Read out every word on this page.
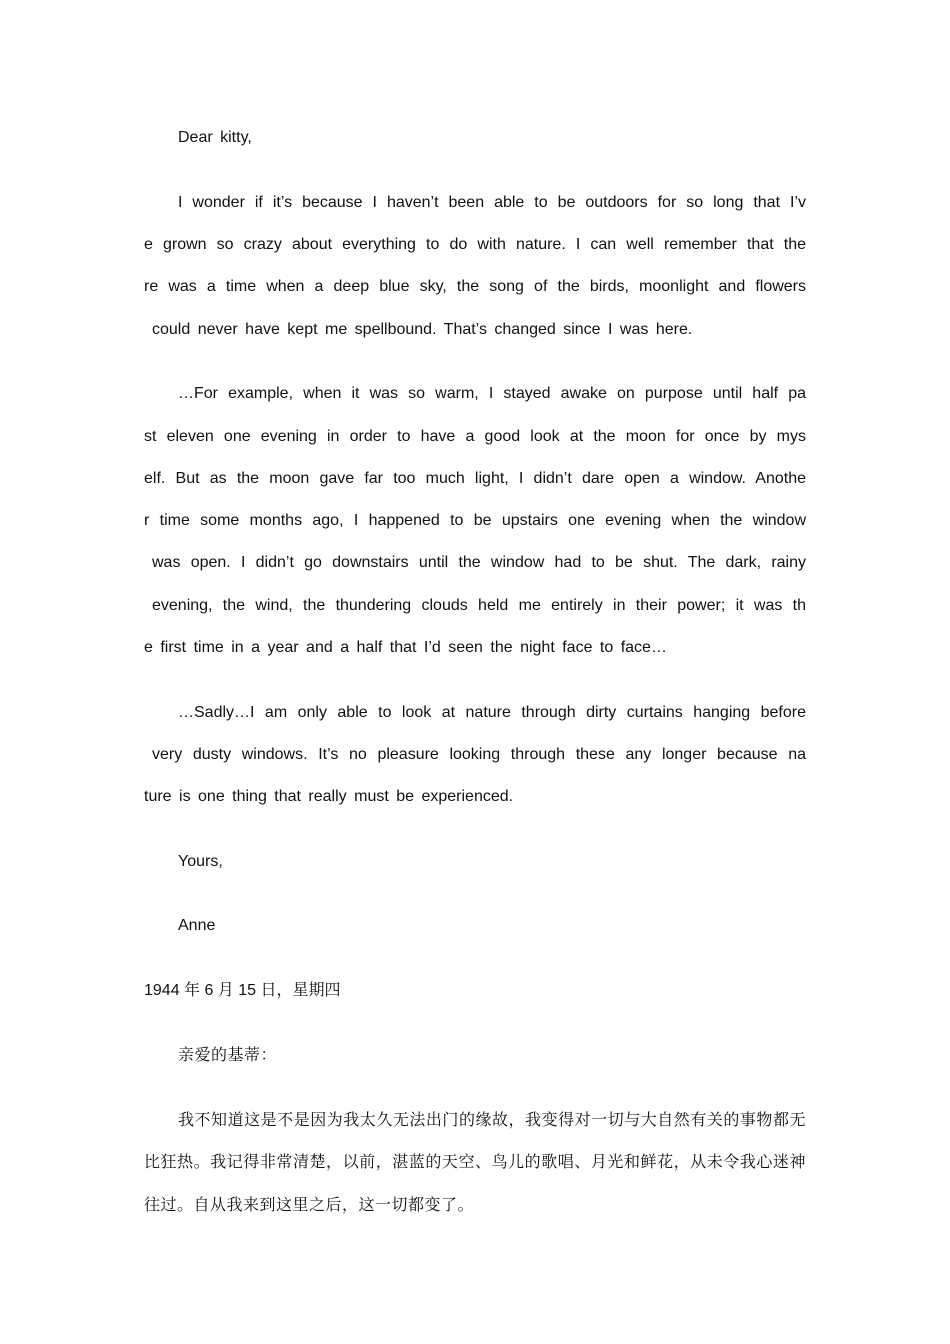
Dear kitty,
I wonder if it’s because I haven’t been able to be outdoors for so long that I’v
e grown so crazy about everything to do with nature. I can well remember that the
re was a time when a deep blue sky, the song of the birds, moonlight and flowers
could never have kept me spellbound. That’s changed since I was here.
…For example, when it was so warm, I stayed awake on purpose until half pa
st eleven one evening in order to have a good look at the moon for once by mys
elf. But as the moon gave far too much light, I didn’t dare open a window. Anothe
r time some months ago, I happened to be upstairs one evening when the window
was open. I didn’t go downstairs until the window had to be shut. The dark, rainy
evening, the wind, the thundering clouds held me entirely in their power; it was th
e first time in a year and a half that I’d seen the night face to face…
…Sadly…I am only able to look at nature through dirty curtains hanging before
very dusty windows. It’s no pleasure looking through these any longer because na
ture is one thing that really must be experienced.
Yours,
Anne
1944 年 6 月 15 日，星期四
亲爱的基蒂：
我不知道这是不是因为我太久无法出门的缘故，我变得对一切与大自然有关的事物都无
比狂热。我记得非常清楚，以前，湛蓝的天空、鸟儿的歌唱、月光和鲜花，从未令我心迷神
往过。自从我来到这里之后，这一切都变了。
